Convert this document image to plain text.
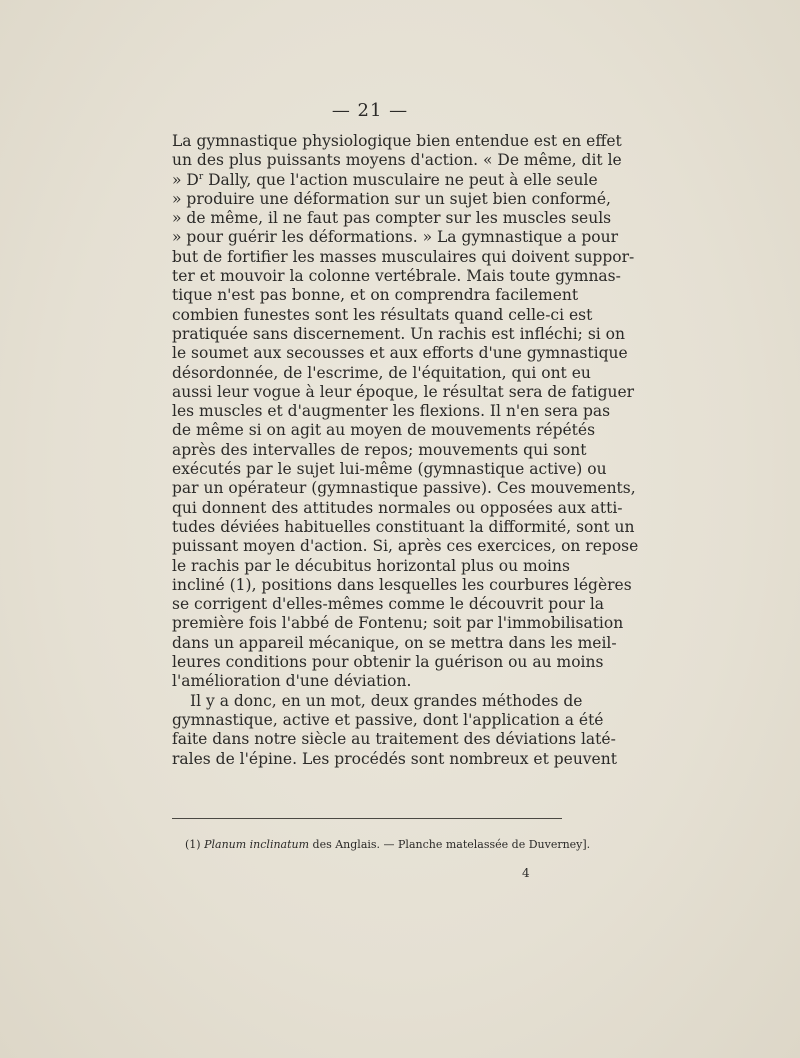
— 21 —
La gymnastique physiologique bien entendue est en effet
un des plus puissants moyens d'action. « De même, dit le
» $D^r$ Dally, que l'action musculaire ne peut à elle seule
» produire une déformation sur un sujet bien conformé,
» de même, il ne faut pas compter sur les muscles seuls
» pour guérir les déformations. » La gymnastique a pour
but de fortifier les masses musculaires qui doivent suppor-
ter et mouvoir la colonne vertébrale. Mais toute gymnas-
tique n'est pas bonne, et on comprendra facilement
combien funestes sont les résultats quand celle-ci est
pratiquée sans discernement. Un rachis est infléchi; si on
le soumet aux secousses et aux efforts d'une gymnastique
désordonnée, de l'escrime, de l'équitation, qui ont eu
aussi leur vogue à leur époque, le résultat sera de fatiguer
les muscles et d'augmenter les flexions. Il n'en sera pas
de même si on agit au moyen de mouvements répétés
après des intervalles de repos; mouvements qui sont
exécutés par le sujet lui-même (gymnastique active) ou
par un opérateur (gymnastique passive). Ces mouvements,
qui donnent des attitudes normales ou opposées aux atti-
tudes déviées habituelles constituant la difformité, sont un
puissant moyen d'action. Si, après ces exercices, on repose
le rachis par le décubitus horizontal plus ou moins
incliné (1), positions dans lesquelles les courbures légères
se corrigent d'elles-mêmes comme le découvrit pour la
première fois l'abbé de Fontenu; soit par l'immobilisation
dans un appareil mécanique, on se mettra dans les meil-
leures conditions pour obtenir la guérison ou au moins
l'amélioration d'une déviation.
Il y a donc, en un mot, deux grandes méthodes de
gymnastique, active et passive, dont l'application a été
faite dans notre siècle au traitement des déviations laté-
rales de l'épine. Les procédés sont nombreux et peuvent
(1) Planum inclinatum des Anglais. — Planche matelassée de Duverney].
4
